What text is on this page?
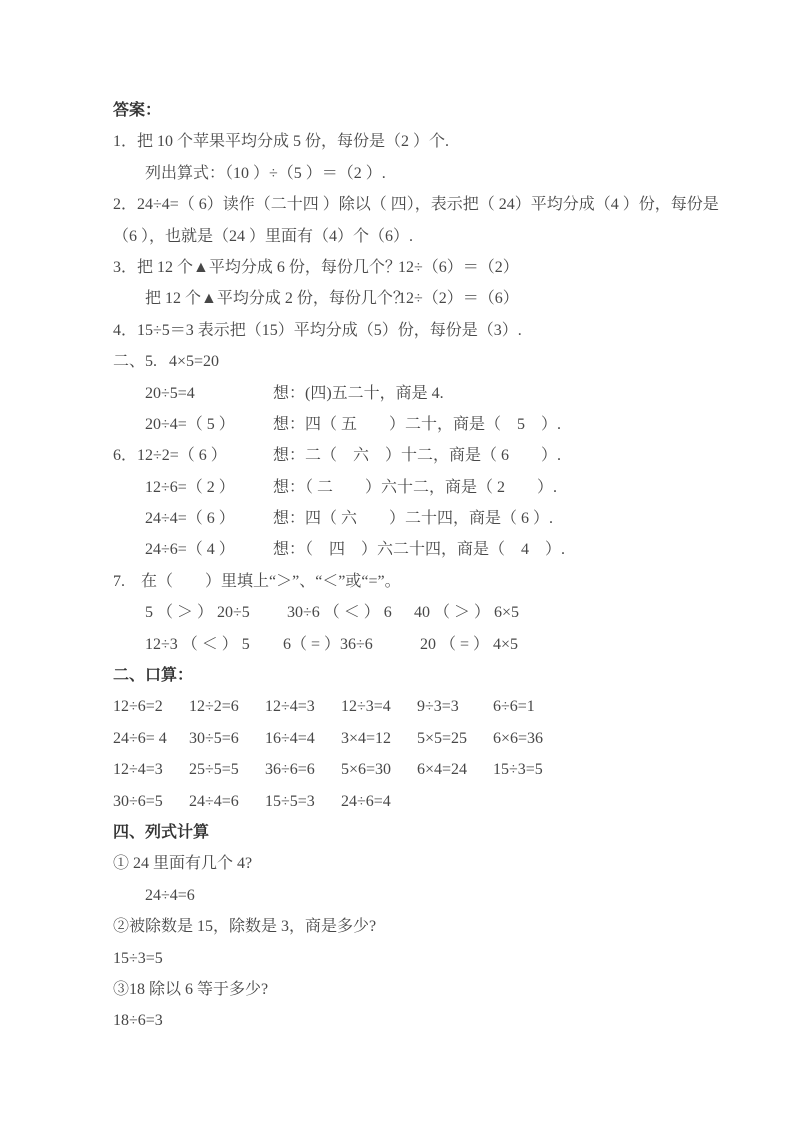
答案：
1．把 10 个苹果平均分成 5 份，每份是（2 ）个.
列出算式：（10 ）÷（5 ）＝（2 ）.
2．24÷4=（ 6）读作（二十四 ）除以（ 四），表示把（ 24）平均分成（4 ）份，每份是
（6 ），也就是（24 ）里面有（4）个（6）.
3．把 12 个▲平均分成 6 份，每份几个？12÷（6）＝（2）
把 12 个▲平均分成 2 份，每份几个？12÷（2）＝（6）
4．15÷5＝3 表示把（15）平均分成（5）份，每份是（3）.
二、5. 4×5=20
20÷5=4	想：(四)五二十，商是 4.
20÷4=（ 5 ） 想：四（ 五　　）二十，商是（　5　）.
6．12÷2=（ 6 ）	想：二（　六　）十二，商是（ 6　　）.
12÷6=（ 2 ） 想：（ 二　　）六十二，商是（ 2　　）.
24÷4=（ 6 ） 想：四（ 六　　）二十四，商是（ 6 ）.
24÷6=（ 4 ） 想：（　四　）六二十四，商是（　4　）.
7.　在（　　）里填上“＞”、“＜”或“=”。
5 （ ＞ ） 20÷5 30÷6 （ ＜ ） 6 40 （ ＞ ） 6×5
12÷3 （ ＜ ） 5 6（ = ）36÷6	20 （ = ） 4×5
二、口算：
12÷6=2 12÷2=6 12÷4=3 12÷3=4 9÷3=3 6÷6=1
24÷6= 4 30÷5=6 16÷4=4 3×4=12 5×5=25 6×6=36
12÷4=3 25÷5=5 36÷6=6 5×6=30 6×4=24 15÷3=5
30÷6=5 24÷4=6 15÷5=3 24÷6=4
四、列式计算
① 24 里面有几个 4?
24÷4=6
②被除数是 15，除数是 3，商是多少?
15÷3=5
③18 除以 6 等于多少?
18÷6=3
